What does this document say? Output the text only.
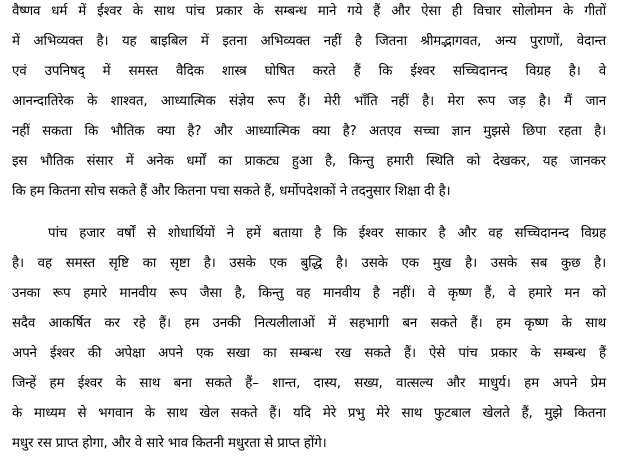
वैष्णव धर्म में ईश्वर के साथ पांच प्रकार के सम्बन्ध माने गये हैं और ऐसा ही विचार सोलोमन के गीतों
में अभिव्यक्त है। यह बाइबिल में इतना अभिव्यक्त नहीं है जितना श्रीमद्भागवत, अन्य पुराणों, वेदान्त
एवं उपनिषद् में समस्त वैदिक शास्त्र घोषित करते हैं कि ईश्वर सच्चिदानन्द विग्रह है। वे
आनन्दातिरेक के शाश्वत, आध्यात्मिक संज्ञेय रूप हैं। मेरी भाँति नहीं है। मेरा रूप जड़ है। मैं जान
नहीं सकता कि भौतिक क्या है? और आध्यात्मिक क्या है? अतएव सच्चा ज्ञान मुझसे छिपा रहता है।
इस भौतिक संसार में अनेक धर्मों का प्राकट्य हुआ है, किन्तु हमारी स्थिति को देखकर, यह जानकर
कि हम कितना सोच सकते हैं और कितना पचा सकते हैं, धर्मोपदेशकों ने तदनुसार शिक्षा दी है।
पांच हजार वर्षों से शोधार्थियों ने हमें बताया है कि ईश्वर साकार है और वह सच्चिदानन्द विग्रह
है। वह समस्त सृष्टि का सृष्टा है। उसके एक बुद्धि है। उसके एक मुख है। उसके सब कुछ है।
उनका रूप हमारे मानवीय रूप जैसा है, किन्तु वह मानवीय है नहीं। वे कृष्ण हैं, वे हमारे मन को
सदैव आकर्षित कर रहे हैं। हम उनकी नित्यलीलाओं में सहभागी बन सकते हैं। हम कृष्ण के साथ
अपने ईश्वर की अपेक्षा अपने एक सखा का सम्बन्ध रख सकते हैं। ऐसे पांच प्रकार के सम्बन्ध हैं
जिन्हें हम ईश्वर के साथ बना सकते हैं– शान्त, दास्य, सख्य, वात्सल्य और माधुर्य। हम अपने प्रेम
के माध्यम से भगवान के साथ खेल सकते हैं। यदि मेरे प्रभु मेरे साथ फुटबाल खेलते हैं, मुझे कितना
मधुर रस प्राप्त होगा, और वे सारे भाव कितनी मधुरता से प्राप्त होंगे।
